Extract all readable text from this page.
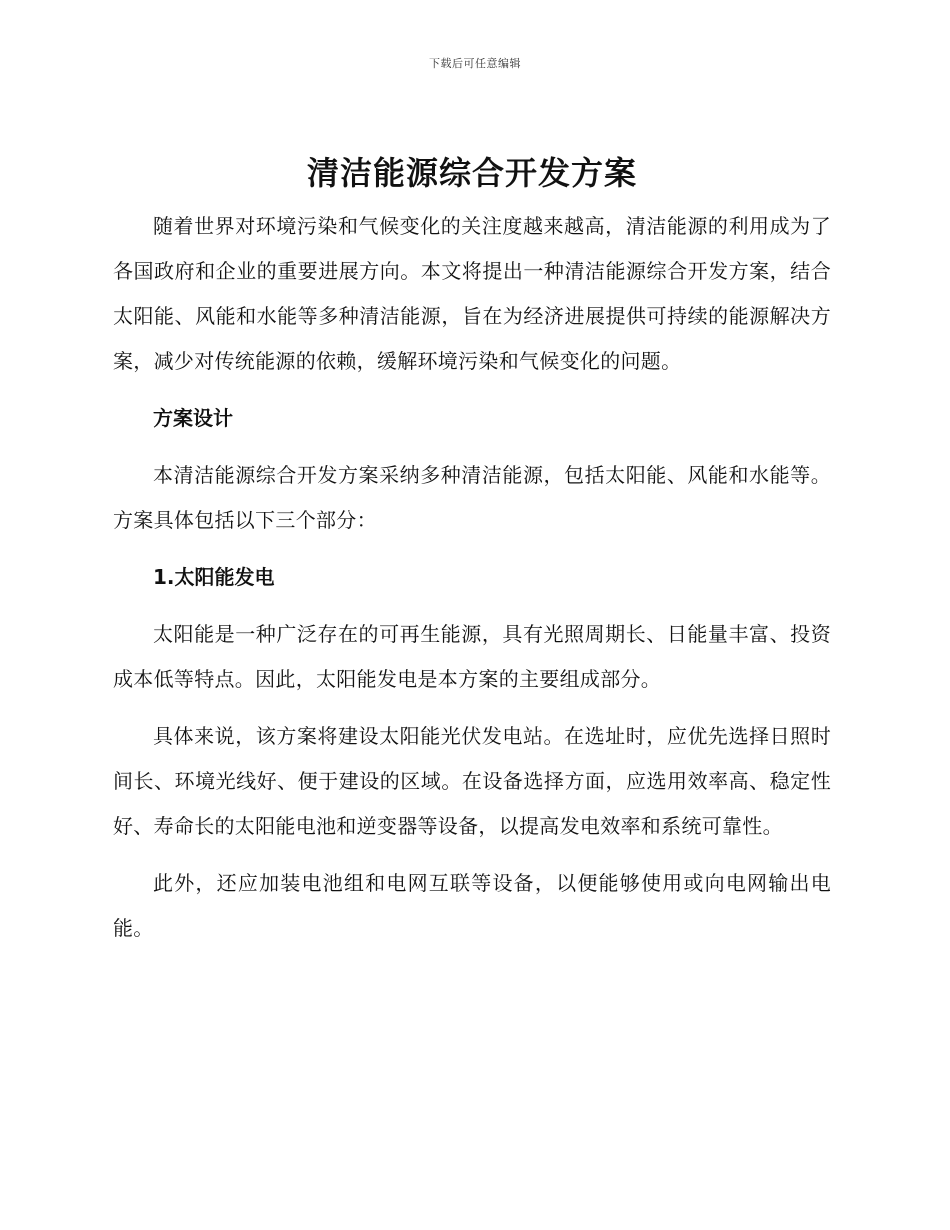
下载后可任意编辑
清洁能源综合开发方案

随着世界对环境污染和气候变化的关注度越来越高，清洁能源的利用成为了各国政府和企业的重要进展方向。本文将提出一种清洁能源综合开发方案，结合太阳能、风能和水能等多种清洁能源，旨在为经济进展提供可持续的能源解决方案，减少对传统能源的依赖，缓解环境污染和气候变化的问题。

方案设计

本清洁能源综合开发方案采纳多种清洁能源，包括太阳能、风能和水能等。方案具体包括以下三个部分：

1.太阳能发电

太阳能是一种广泛存在的可再生能源，具有光照周期长、日能量丰富、投资成本低等特点。因此，太阳能发电是本方案的主要组成部分。

具体来说，该方案将建设太阳能光伏发电站。在选址时，应优先选择日照时间长、环境光线好、便于建设的区域。在设备选择方面，应选用效率高、稳定性好、寿命长的太阳能电池和逆变器等设备，以提高发电效率和系统可靠性。

此外，还应加装电池组和电网互联等设备，以便能够使用或向电网输出电能。
